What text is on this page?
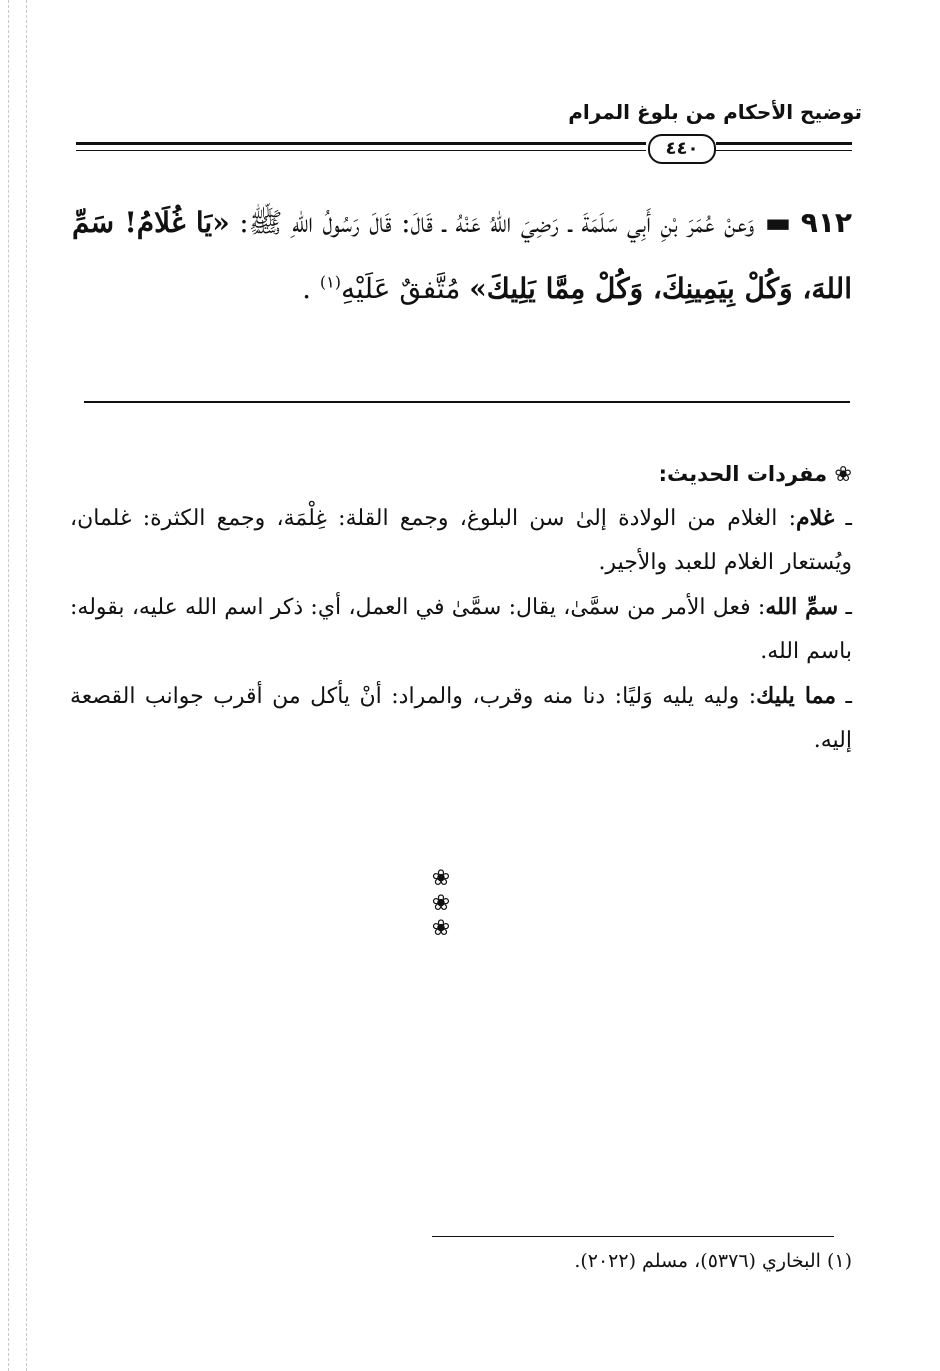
توضيح الأحكام من بلوغ المرام
٤٤٠
٩١٢ ▬ وَعنْ عُمَرَ بْنِ أَبِي سَلَمَةَ ـ رَضِيَ اللهُ عَنْهُ ـ قَالَ: قَالَ رَسُولُ اللهِ ﷺ: «يَا غُلَامُ! سَمِّ اللهَ، وَكُلْ بِيَمِينِكَ، وَكُلْ مِمَّا يَلِيكَ» مُتَّفقٌ عَلَيْهِ$^{(١)}$ .
❀ مفردات الحديث:

ـ غلام: الغلام من الولادة إلىٰ سن البلوغ، وجمع القلة: غِلْمَة، وجمع الكثرة: غلمان، ويُستعار الغلام للعبد والأجير.

ـ سمِّ الله: فعل الأمر من سمَّىٰ، يقال: سمَّىٰ في العمل، أي: ذكر اسم الله عليه، بقوله: باسم الله.

ـ مما يليك: وليه يليه وَليًا: دنا منه وقرب، والمراد: أنْ يأكل من أقرب جوانب القصعة إليه.

❀ ❀ ❀
(١) البخاري (٥٣٧٦)، مسلم (٢٠٢٢).
